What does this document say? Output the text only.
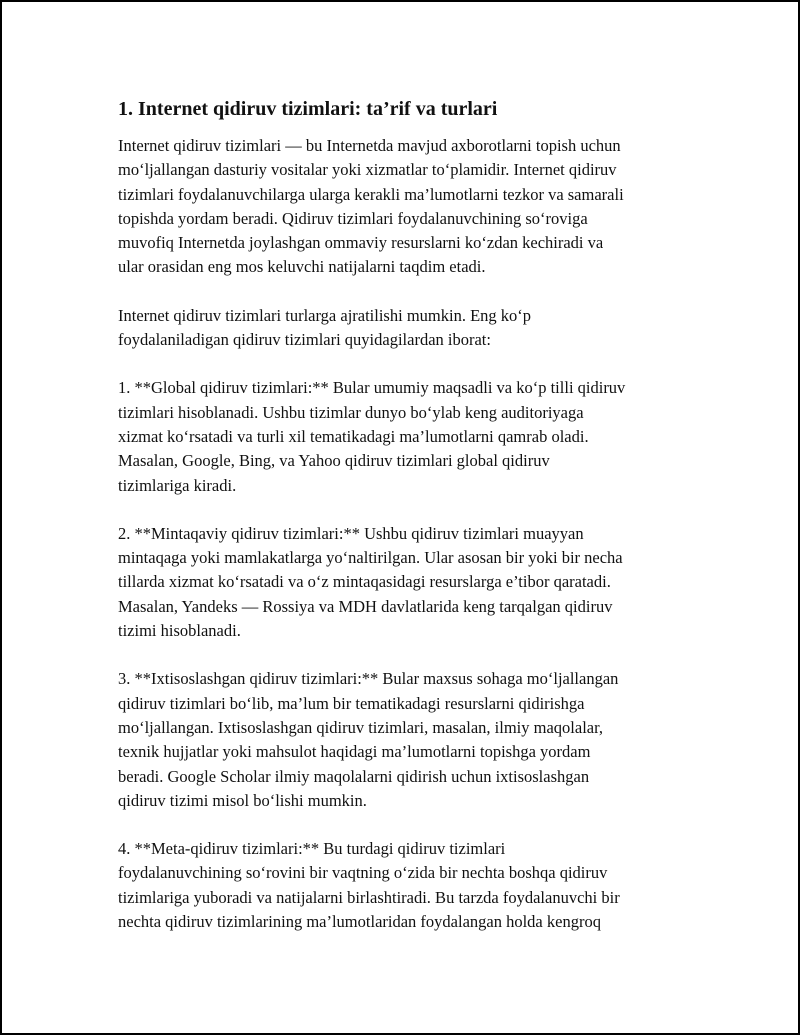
1. Internet qidiruv tizimlari: ta’rif va turlari
Internet qidiruv tizimlari — bu Internetda mavjud axborotlarni topish uchun
mo‘ljallangan dasturiy vositalar yoki xizmatlar to‘plamidir. Internet qidiruv
tizimlari foydalanuvchilarga ularga kerakli ma’lumotlarni tezkor va samarali
topishda yordam beradi. Qidiruv tizimlari foydalanuvchining so‘roviga
muvofiq Internetda joylashgan ommaviy resurslarni ko‘zdan kechiradi va
ular orasidan eng mos keluvchi natijalarni taqdim etadi.
Internet qidiruv tizimlari turlarga ajratilishi mumkin. Eng ko‘p
foydalaniladigan qidiruv tizimlari quyidagilardan iborat:
1. **Global qidiruv tizimlari:** Bular umumiy maqsadli va ko‘p tilli qidiruv
tizimlari hisoblanadi. Ushbu tizimlar dunyo bo‘ylab keng auditoriyaga
xizmat ko‘rsatadi va turli xil tematikadagi ma’lumotlarni qamrab oladi.
Masalan, Google, Bing, va Yahoo qidiruv tizimlari global qidiruv
tizimlariga kiradi.
2. **Mintaqaviy qidiruv tizimlari:** Ushbu qidiruv tizimlari muayyan
mintaqaga yoki mamlakatlarga yo‘naltirilgan. Ular asosan bir yoki bir necha
tillarda xizmat ko‘rsatadi va o‘z mintaqasidagi resurslarga e’tibor qaratadi.
Masalan, Yandeks — Rossiya va MDH davlatlarida keng tarqalgan qidiruv
tizimi hisoblanadi.
3. **Ixtisoslashgan qidiruv tizimlari:** Bular maxsus sohaga mo‘ljallangan
qidiruv tizimlari bo‘lib, ma’lum bir tematikadagi resurslarni qidirishga
mo‘ljallangan. Ixtisoslashgan qidiruv tizimlari, masalan, ilmiy maqolalar,
texnik hujjatlar yoki mahsulot haqidagi ma’lumotlarni topishga yordam
beradi. Google Scholar ilmiy maqolalarni qidirish uchun ixtisoslashgan
qidiruv tizimi misol bo‘lishi mumkin.
4. **Meta-qidiruv tizimlari:** Bu turdagi qidiruv tizimlari
foydalanuvchining so‘rovini bir vaqtning o‘zida bir nechta boshqa qidiruv
tizimlariga yuboradi va natijalarni birlashtiradi. Bu tarzda foydalanuvchi bir
nechta qidiruv tizimlarining ma’lumotlaridan foydalangan holda kengroq
